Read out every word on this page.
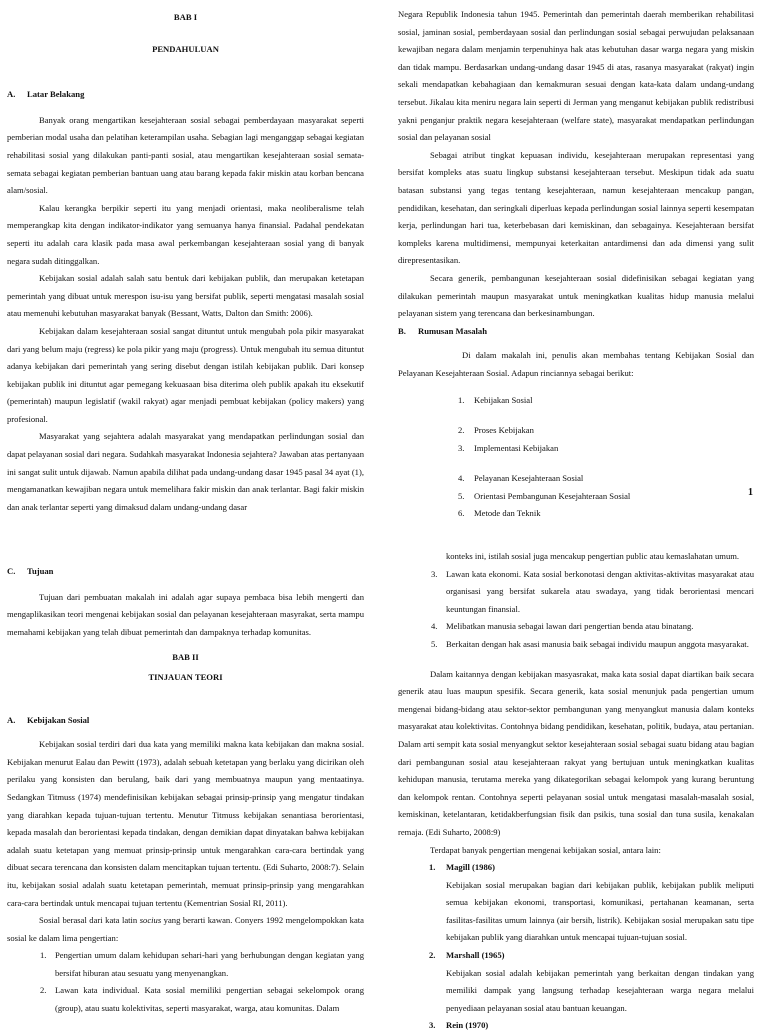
BAB I
PENDAHULUAN
A. Latar Belakang

Banyak orang mengartikan kesejahteraan sosial sebagai pemberdayaan masyarakat seperti pemberian modal usaha dan pelatihan keterampilan usaha. Sebagian lagi menganggap sebagai kegiatan rehabilitasi sosial yang dilakukan panti-panti sosial, atau mengartikan kesejahteraan sosial semata-semata sebagai kegiatan pemberian bantuan uang atau barang kepada fakir miskin atau korban bencana alam/sosial.

Kalau kerangka berpikir seperti itu yang menjadi orientasi, maka neoliberalisme telah memperangkap kita dengan indikator-indikator yang semuanya hanya finansial. Padahal pendekatan seperti itu adalah cara klasik pada masa awal perkembangan kesejahteraan sosial yang di banyak negara sudah ditinggalkan.

Kebijakan sosial adalah salah satu bentuk dari kebijakan publik, dan merupakan ketetapan pemerintah yang dibuat untuk merespon isu-isu yang bersifat publik, seperti mengatasi masalah sosial atau memenuhi kebutuhan masyarakat banyak (Bessant, Watts, Dalton dan Smith: 2006).

Kebijakan dalam kesejahteraan sosial sangat dituntut untuk mengubah pola pikir masyarakat dari yang belum maju (regress) ke pola pikir yang maju (progress). Untuk mengubah itu semua dituntut adanya kebijakan dari pemerintah yang sering disebut dengan istilah kebijakan publik. Dari konsep kebijakan publik ini dituntut agar pemegang kekuasaan bisa diterima oleh publik apakah itu eksekutif (pemerintah) maupun legislatif (wakil rakyat) agar menjadi pembuat kebijakan (policy makers) yang profesional.

Masyarakat yang sejahtera adalah masyarakat yang mendapatkan perlindungan sosial dan dapat pelayanan sosial dari negara. Sudahkah masyarakat Indonesia sejahtera? Jawaban atas pertanyaan ini sangat sulit untuk dijawab. Namun apabila dilihat pada undang-undang dasar 1945 pasal 34 ayat (1), mengamanatkan kewajiban negara untuk memelihara fakir miskin dan anak terlantar. Bagi fakir miskin dan anak terlantar seperti yang dimaksud dalam undang-undang dasar

Negara Republik Indonesia tahun 1945. Pemerintah dan pemerintah daerah memberikan rehabilitasi sosial, jaminan sosial, pemberdayaan sosial dan perlindungan sosial sebagai perwujudan pelaksanaan kewajiban negara dalam menjamin terpenuhinya hak atas kebutuhan dasar warga negara yang miskin dan tidak mampu. Berdasarkan undang-undang dasar 1945 di atas, rasanya masyarakat (rakyat) ingin sekali mendapatkan kebahagiaan dan kemakmuran sesuai dengan kata-kata dalam undang-undang tersebut. Jikalau kita meniru negara lain seperti di Jerman yang menganut kebijakan publik redistribusi yakni penganjur praktik negara kesejahteraan (welfare state), masyarakat mendapatkan perlindungan sosial dan pelayanan sosial

Sebagai atribut tingkat kepuasan individu, kesejahteraan merupakan representasi yang bersifat kompleks atas suatu lingkup substansi kesejahteraan tersebut. Meskipun tidak ada suatu batasan substansi yang tegas tentang kesejahteraan, namun kesejahteraan mencakup pangan, pendidikan, kesehatan, dan seringkali diperluas kepada perlindungan sosial lainnya seperti kesempatan kerja, perlindungan hari tua, keterbebasan dari kemiskinan, dan sebagainya. Kesejahteraan bersifat kompleks karena multidimensi, mempunyai keterkaitan antardimensi dan ada dimensi yang sulit direpresentasikan.

Secara generik, pembangunan kesejahteraan sosial didefinisikan sebagai kegiatan yang dilakukan pemerintah maupun masyarakat untuk meningkatkan kualitas hidup manusia melalui pelayanan sistem yang terencana dan berkesinambungan.

B. Rumusan Masalah

Di dalam makalah ini, penulis akan membahas tentang Kebijakan Sosial dan Pelayanan Kesejahteraan Sosial. Adapun rinciannya sebagai berikut:

1. Kebijakan Sosial
2. Proses Kebijakan
3. Implementasi Kebijakan
4. Pelayanan Kesejahteraan Sosial
5. Orientasi Pembangunan Kesejahteraan Sosial
6. Metode dan Teknik
1
C. Tujuan

Tujuan dari pembuatan makalah ini adalah agar supaya pembaca bisa lebih mengerti dan mengaplikasikan teori mengenai kebijakan sosial dan pelayanan kesejahteraan masyrakat, serta mampu memahami kebijakan yang telah dibuat pemerintah dan dampaknya terhadap komunitas.

BAB II
TINJAUAN TEORI
A. Kebijakan Sosial

Kebijakan sosial terdiri dari dua kata yang memiliki makna kata kebijakan dan makna sosial. Kebijakan menurut Ealau dan Pewitt (1973), adalah sebuah ketetapan yang berlaku yang dicirikan oleh perilaku yang konsisten dan berulang, baik dari yang membuatnya maupun yang mentaatinya. Sedangkan Titmuss (1974) mendefinisikan kebijakan sebagai prinsip-prinsip yang mengatur tindakan yang diarahkan kepada tujuan-tujuan tertentu. Menutur Titmuss kebijakan senantiasa berorientasi, kepada masalah dan berorientasi kepada tindakan, dengan demikian dapat dinyatakan bahwa kebijakan adalah suatu ketetapan yang memuat prinsip-prinsip untuk mengarahkan cara-cara bertindak yang dibuat secara terencana dan konsisten dalam mencitapkan tujuan tertentu. (Edi Suharto, 2008:7). Selain itu, kebijakan sosial adalah suatu ketetapan pemerintah, memuat prinsip-prinsip yang mengarahkan cara-cara bertindak untuk mencapai tujuan tertentu (Kementrian Sosial RI, 2011).

Sosial berasal dari kata latin socius yang berarti kawan. Conyers 1992 mengelompokkan kata sosial ke dalam lima pengertian:

1. Pengertian umum dalam kehidupan sehari-hari yang berhubungan dengan kegiatan yang bersifat hiburan atau sesuatu yang menyenangkan.
2. Lawan kata individual. Kata sosial memiliki pengertian sebagai sekelompok orang (group), atau suatu kolektivitas, seperti masyarakat, warga, atau komunitas. Dalam

konteks ini, istilah sosial juga mencakup pengertian public atau kemaslahatan umum.

3. Lawan kata ekonomi. Kata sosial berkonotasi dengan aktivitas-aktivitas masyarakat atau organisasi yang bersifat sukarela atau swadaya, yang tidak berorientasi mencari keuntungan finansial.
4. Melibatkan manusia sebagai lawan dari pengertian benda atau binatang.
5. Berkaitan dengan hak asasi manusia baik sebagai individu maupun anggota masyarakat.

Dalam kaitannya dengan kebijakan masyasrakat, maka kata sosial dapat diartikan baik secara generik atau luas maupun spesifik. Secara generik, kata sosial menunjuk pada pengertian umum mengenai bidang-bidang atau sektor-sektor pembangunan yang menyangkut manusia dalam konteks masyarakat atau kolektivitas. Contohnya bidang pendidikan, kesehatan, politik, budaya, atau pertanian. Dalam arti sempit kata sosial menyangkut sektor kesejahteraan sosial sebagai suatu bidang atau bagian dari pembangunan sosial atau kesejahteraan rakyat yang bertujuan untuk meningkatkan kualitas kehidupan manusia, terutama mereka yang dikategorikan sebagai kelompok yang kurang beruntung dan kelompok rentan. Contohnya seperti pelayanan sosial untuk mengatasi masalah-masalah sosial, kemiskinan, ketelantaran, ketidakberfungsian fisik dan psikis, tuna sosial dan tuna susila, kenakalan remaja. (Edi Suharto, 2008:9)

Terdapat banyak pengertian mengenai kebijakan sosial, antara lain:

1. Magill (1986)

Kebijakan sosial merupakan bagian dari kebijakan publik, kebijakan publik meliputi semua kebijakan ekonomi, transportasi, komunikasi, pertahanan keamanan, serta fasilitas-fasilitas umum lainnya (air bersih, listrik). Kebijakan sosial merupakan satu tipe kebijakan publik yang diarahkan untuk mencapai tujuan-tujuan sosial.

2. Marshall (1965)

Kebijakan sosial adalah kebijakan pemerintah yang berkaitan dengan tindakan yang memiliki dampak yang langsung terhadap kesejahteraan warga negara melalui penyediaan pelayanan sosial atau bantuan keuangan.

3. Rein (1970)
